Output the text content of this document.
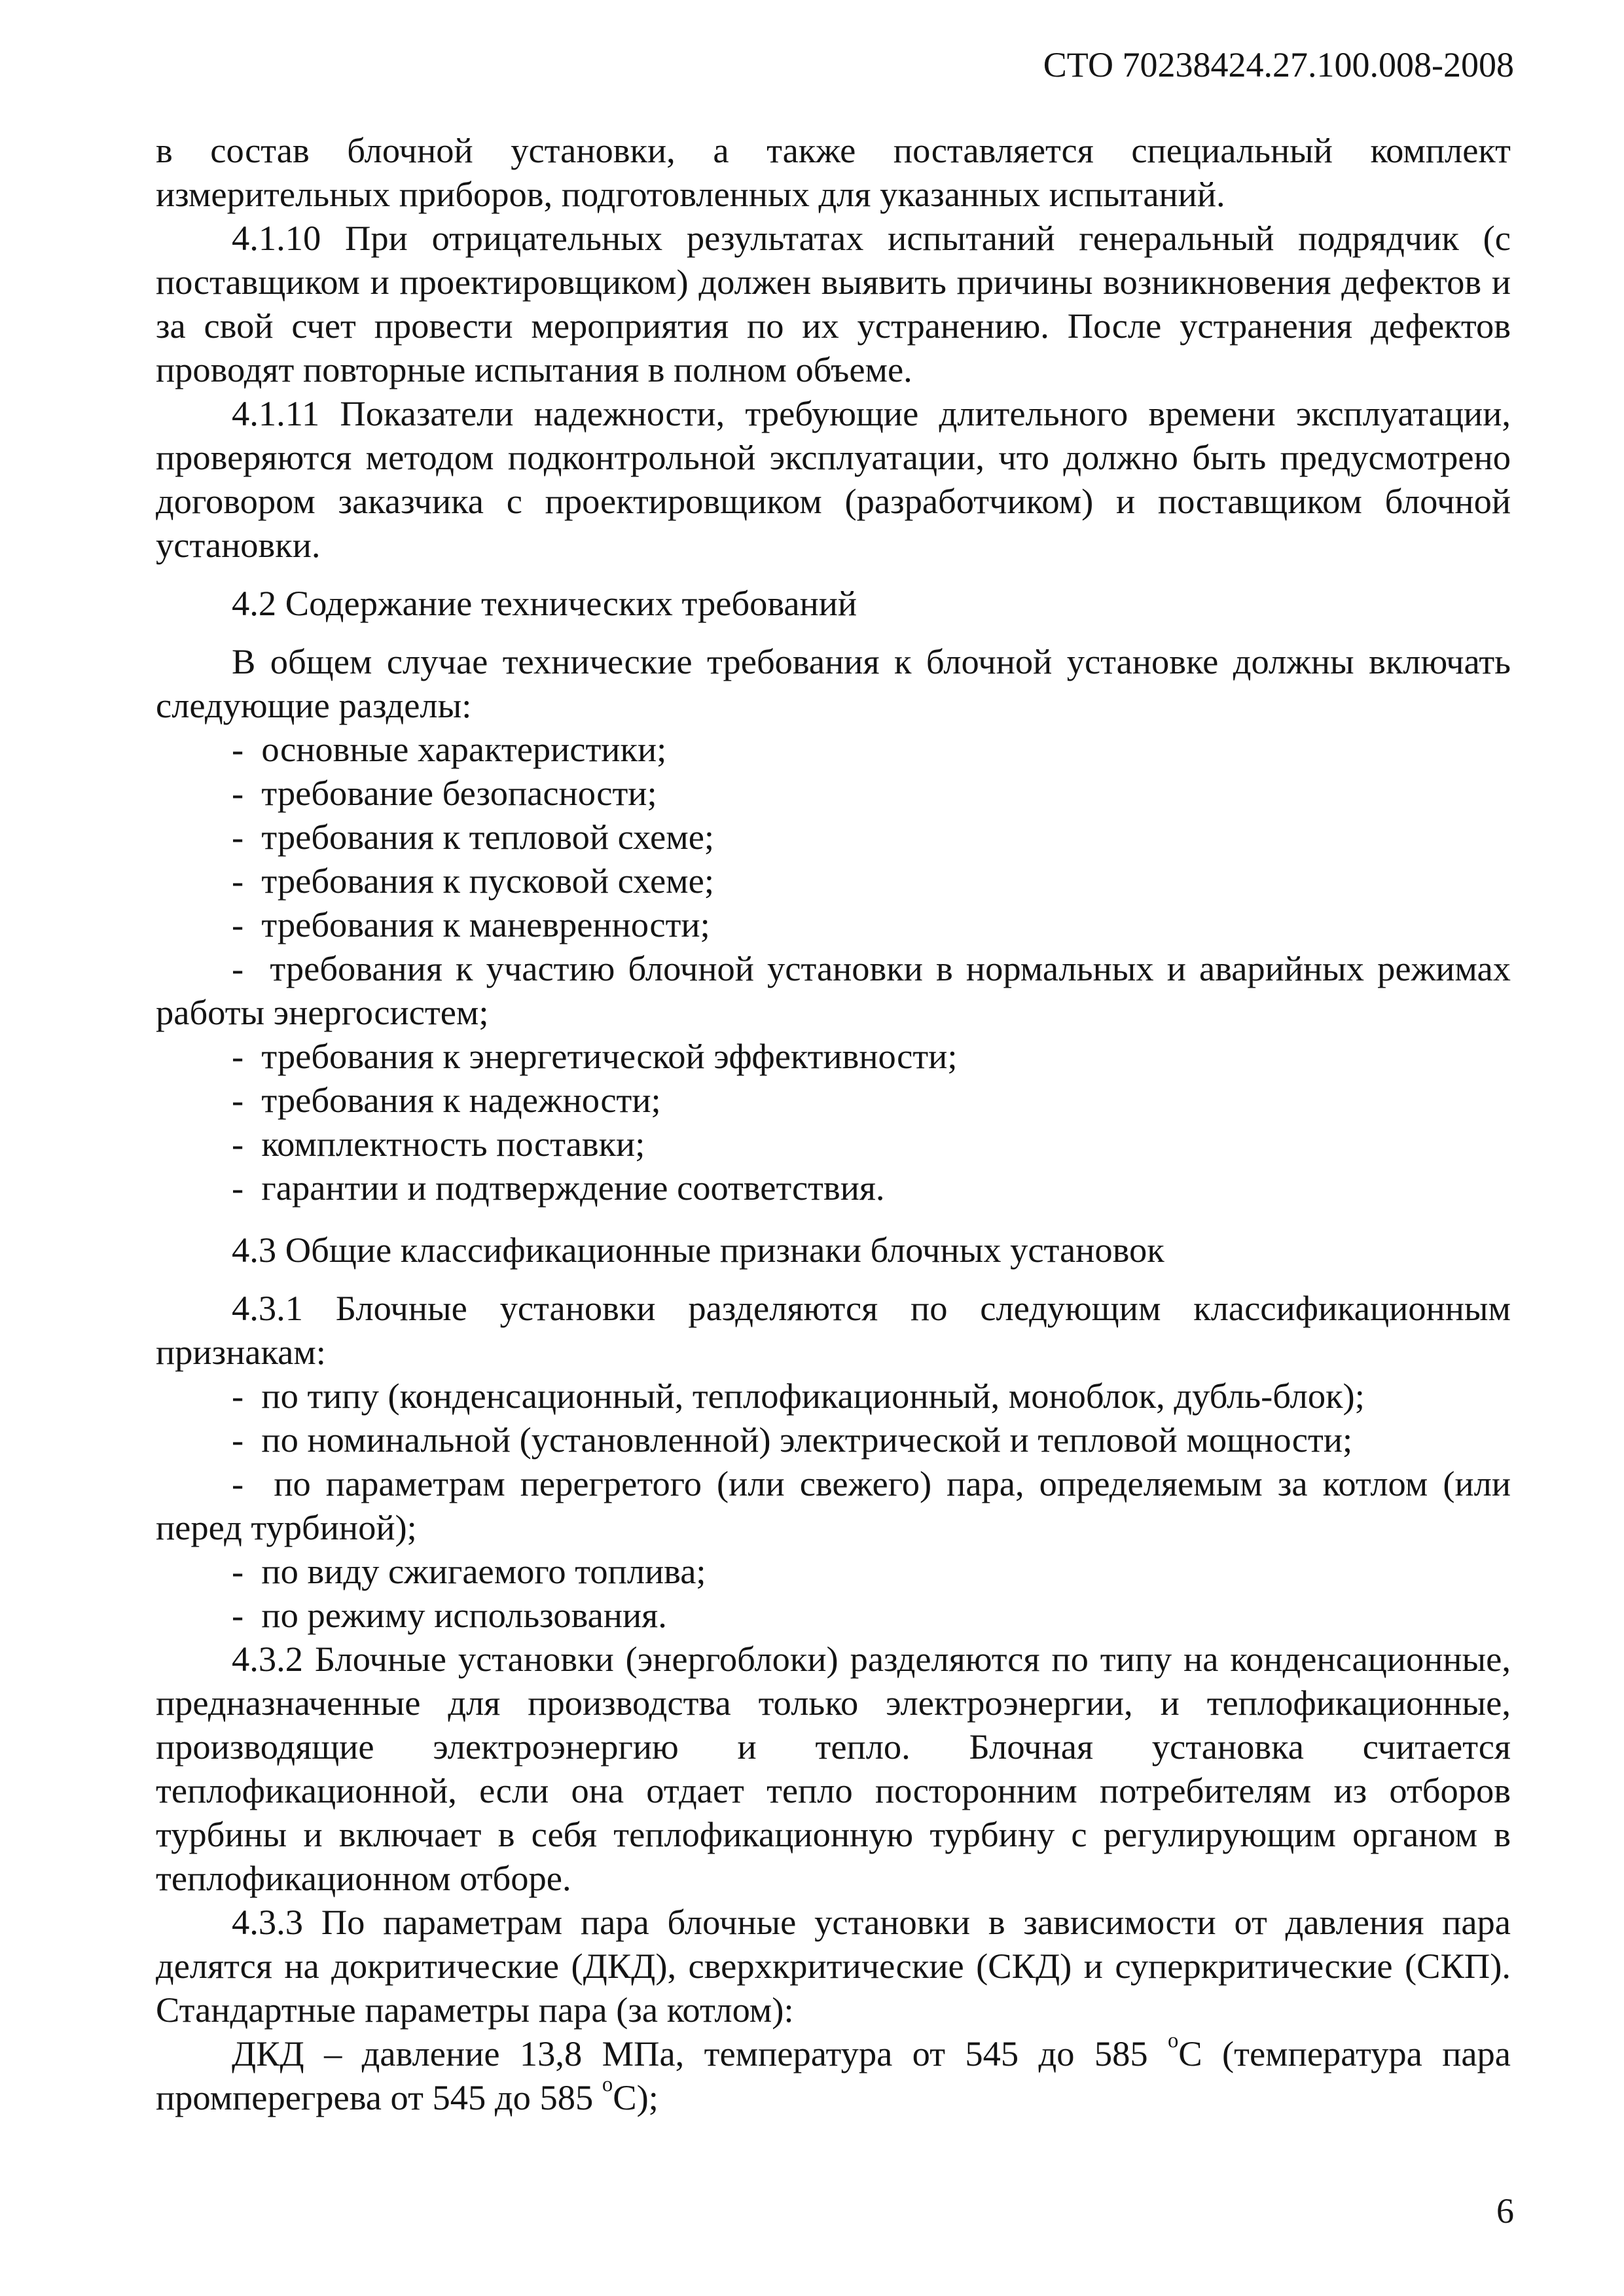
СТО 70238424.27.100.008-2008

в состав блочной установки, а также поставляется специальный комплект измерительных приборов, подготовленных для указанных испытаний.

4.1.10 При отрицательных результатах испытаний генеральный подрядчик (с поставщиком и проектировщиком) должен выявить причины возникновения дефектов и за свой счет провести мероприятия по их устранению. После устранения дефектов проводят повторные испытания в полном объеме.

4.1.11 Показатели надежности, требующие длительного времени эксплуатации, проверяются методом подконтрольной эксплуатации, что должно быть предусмотрено договором заказчика с проектировщиком (разработчиком) и поставщиком блочной установки.

4.2 Содержание технических требований

В общем случае технические требования к блочной установке должны включать следующие разделы:

-  основные характеристики;
-  требование безопасности;
-  требования к тепловой схеме;
-  требования к пусковой схеме;
-  требования к маневренности;
-  требования к участию блочной установки в нормальных и аварийных режимах работы энергосистем;
-  требования к энергетической эффективности;
-  требования к надежности;
-  комплектность поставки;
-  гарантии и подтверждение соответствия.

4.3 Общие классификационные признаки блочных установок

4.3.1 Блочные установки разделяются по следующим классификационным признакам:

-  по типу (конденсационный, теплофикационный, моноблок, дубль-блок);
-  по номинальной (установленной) электрической и тепловой мощности;
-  по параметрам перегретого (или свежего) пара, определяемым за котлом (или перед турбиной);
-  по виду сжигаемого топлива;
-  по режиму использования.

4.3.2 Блочные установки (энергоблоки) разделяются по типу на конденсационные, предназначенные для производства только электроэнергии, и теплофикационные, производящие электроэнергию и тепло. Блочная установка считается теплофикационной, если она отдает тепло посторонним потребителям из отборов турбины и включает в себя теплофикационную турбину с регулирующим органом в теплофикационном отборе.

4.3.3 По параметрам пара блочные установки в зависимости от давления пара делятся на докритические (ДКД), сверхкритические (СКД) и суперкритические (СКП). Стандартные параметры пара (за котлом):

ДКД – давление 13,8 МПа, температура от 545 до 585 $^о$С (температура пара промперегрева от 545 до 585 $^о$С);

6
